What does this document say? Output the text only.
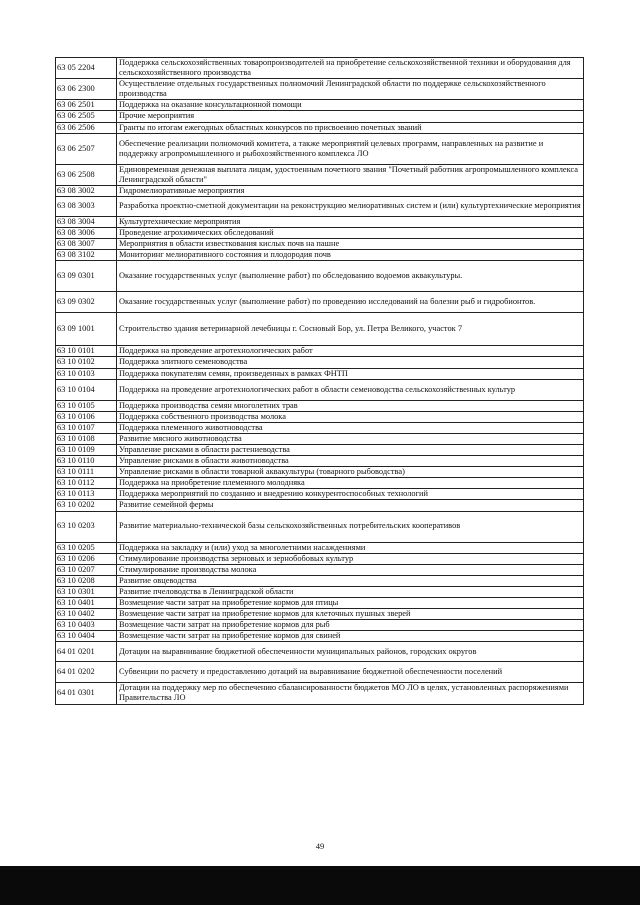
63 05 2204	Поддержка сельскохозяйственных товаропроизводителей на приобретение сельскохозяйственной техники и оборудования для сельскохозяйственного производства
63 06 2300	Осуществление отдельных государственных полномочий Ленинградской области по поддержке сельскохозяйственного производства
63 06 2501	Поддержка на оказание консультационной помощи
63 06 2505	Прочие мероприятия
63 06 2506	Гранты по итогам ежегодных областных конкурсов по присвоению почетных званий
63 06 2507	Обеспечение реализации полномочий комитета, а также мероприятий целевых программ, направленных на развитие и поддержку агропромышленного и рыбохозяйственного комплекса ЛО
63 06 2508	Единовременная денежная выплата лицам, удостоенным почетного звания "Почетный работник агропромышленного комплекса Ленинградской области"
63 08 3002	Гидромелиоративные мероприятия
63 08 3003	Разработка проектно-сметной документации на реконструкцию мелиоративных систем и (или) культуртехнические мероприятия
63 08 3004	Культуртехнические мероприятия
63 08 3006	Проведение агрохимических обследований
63 08 3007	Мероприятия в области известкования кислых почв на пашне
63 08 3102	Мониторинг мелиоративного состояния и плодородия почв
63 09 0301	Оказание государственных услуг (выполнение работ) по обследованию водоемов аквакультуры.
63 09 0302	Оказание государственных услуг (выполнение работ) по проведению исследований на болезни рыб и гидробионтов.
63 09 1001	Строительство здания ветеринарной лечебницы г. Сосновый Бор, ул. Петра Великого, участок 7
63 10 0101	Поддержка на проведение агротехнологических работ
63 10 0102	Поддержка элитного семеноводства
63 10 0103	Поддержка покупателям семян, произведенных в рамках ФНТП
63 10 0104	Поддержка на проведение агротехнологических работ в области семеноводства сельскохозяйственных культур
63 10 0105	Поддержка производства семян многолетних трав
63 10 0106	Поддержка собственного производства молока
63 10 0107	Поддержка племенного животноводства
63 10 0108	Развитие мясного животноводства
63 10 0109	Управление рисками в области растениеводства
63 10 0110	Управление рисками в области животноводства
63 10 0111	Управление рисками в области товарной аквакультуры (товарного рыбоводства)
63 10 0112	Поддержка на приобретение племенного молодняка
63 10 0113	Поддержка мероприятий по созданию и внедрению конкурентоспособных технологий
63 10 0202	Развитие семейной фермы
63 10 0203	Развитие материально-технической базы сельскохозяйственных потребительских кооперативов
63 10 0205	Поддержка на закладку и (или) уход за многолетними насаждениями
63 10 0206	Стимулирование производства зерновых и зернобобовых культур
63 10 0207	Стимулирование производства молока
63 10 0208	Развитие овцеводства
63 10 0301	Развитие пчеловодства в Ленинградской области
63 10 0401	Возмещение части затрат на приобретение кормов для птицы
63 10 0402	Возмещение части затрат на приобретение кормов для клеточных пушных зверей
63 10 0403	Возмещение части затрат на приобретение кормов для рыб
63 10 0404	Возмещение части затрат на приобретение кормов для свиней
64 01 0201	Дотации на выравнивание бюджетной обеспеченности муниципальных районов, городских округов
64 01 0202	Субвенции по расчету и предоставлению дотаций на выравнивание бюджетной обеспеченности поселений
64 01 0301	Дотации на поддержку мер по обеспечению сбалансированности бюджетов МО ЛО в целях, установленных распоряжениями Правительства ЛО
49
